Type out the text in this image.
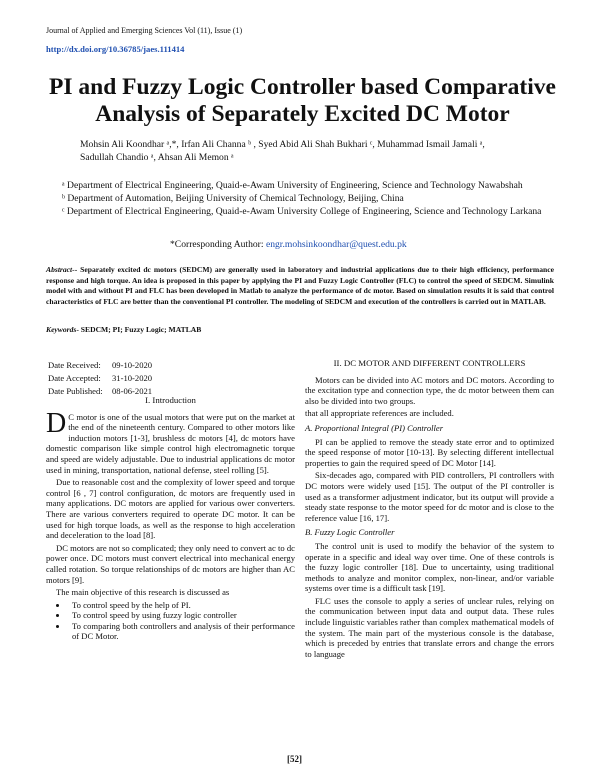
Journal of Applied and Emerging Sciences Vol (11), Issue (1)
http://dx.doi.org/10.36785/jaes.111414
PI and Fuzzy Logic Controller based Comparative Analysis of Separately Excited DC Motor
Mohsin Ali Koondhar ᵃ,*, Irfan Ali Channa ᵇ , Syed Abid Ali Shah Bukhari ᶜ, Muhammad Ismail Jamali ᵃ,
Sadullah Chandio ᵃ, Ahsan Ali Memon ᵃ
ᵃ Department of Electrical Engineering, Quaid-e-Awam University of Engineering, Science and Technology Nawabshah
ᵇ Department of Automation, Beijing University of Chemical Technology, Beijing, China
ᶜ Department of Electrical Engineering, Quaid-e-Awam University College of Engineering, Science and Technology Larkana
*Corresponding Author: engr.mohsinkoondhar@quest.edu.pk
Abstract-- Separately excited dc motors (SEDCM) are generally used in laboratory and industrial applications due to their high efficiency, performance response and high torque. An idea is proposed in this paper by applying the PI and Fuzzy Logic Controller (FLC) to control the speed of SEDCM. Simulink model with and without PI and FLC has been developed in Matlab to analyze the performance of dc motor. Based on simulation results it is said that control characteristics of FLC are better than the conventional PI controller. The modeling of SEDCM and execution of the controllers is carried out in MATLAB.
Keywords- SEDCM; PI; Fuzzy Logic; MATLAB
Date Received:	09-10-2020
Date Accepted:	31-10-2020
Date Published:	08-06-2021
I. Introduction

D C motor is one of the usual motors that were put on the market at the end of the nineteenth century. Compared to other motors like induction motors [1-3], brushless dc motors [4], dc motors have domestic comparison like simple control high electromagnetic torque and speed are widely adjustable. Due to industrial applications dc motor used in mining, transportation, national defense, steel rolling [5].

Due to reasonable cost and the complexity of lower speed and torque control [6 , 7] control configuration, dc motors are frequently used in many applications. DC motors are applied for various ower converters. There are various converters required to operate DC motor. It can be used for high torque loads, as well as the response to high acceleration and deceleration to the load [8].

DC motors are not so complicated; they only need to convert ac to dc power once. DC motors must convert electrical into mechanical energy called rotation. So torque relationships of dc motors are higher than AC motors [9].

The main objective of this research is discussed as

• To control speed by the help of PI.
• To control speed by using fuzzy logic controller
• To comparing both controllers and analysis of their performance of DC Motor.
II. DC MOTOR AND DIFFERENT CONTROLLERS

Motors can be divided into AC motors and DC motors. According to the excitation type and connection type, the dc motor between them can also be divided into two groups.

that all appropriate references are included.

A. Proportional Integral (PI) Controller

PI can be applied to remove the steady state error and to optimized the speed response of motor [10-13]. By selecting different intellectual properties to gain the required speed of DC Motor [14].

Six-decades ago, compared with PID controllers, PI controllers with DC motors were widely used [15]. The output of the PI controller is used as a transformer adjustment indicator, but its output will provide a steady state response to the motor speed for dc motor and is close to the reference value [16, 17].

B. Fuzzy Logic Controller

The control unit is used to modify the behavior of the system to operate in a specific and ideal way over time. One of these controls is the fuzzy logic controller [18]. Due to uncertainty, using traditional methods to analyze and monitor complex, non-linear, and/or variable systems over time is a difficult task [19].

FLC uses the console to apply a series of unclear rules, relying on the communication between input data and output data. These rules include linguistic variables rather than complex mathematical models of the system. The main part of the mysterious console is the database, which is preceded by entries that translate errors and change the errors to language

[52]
